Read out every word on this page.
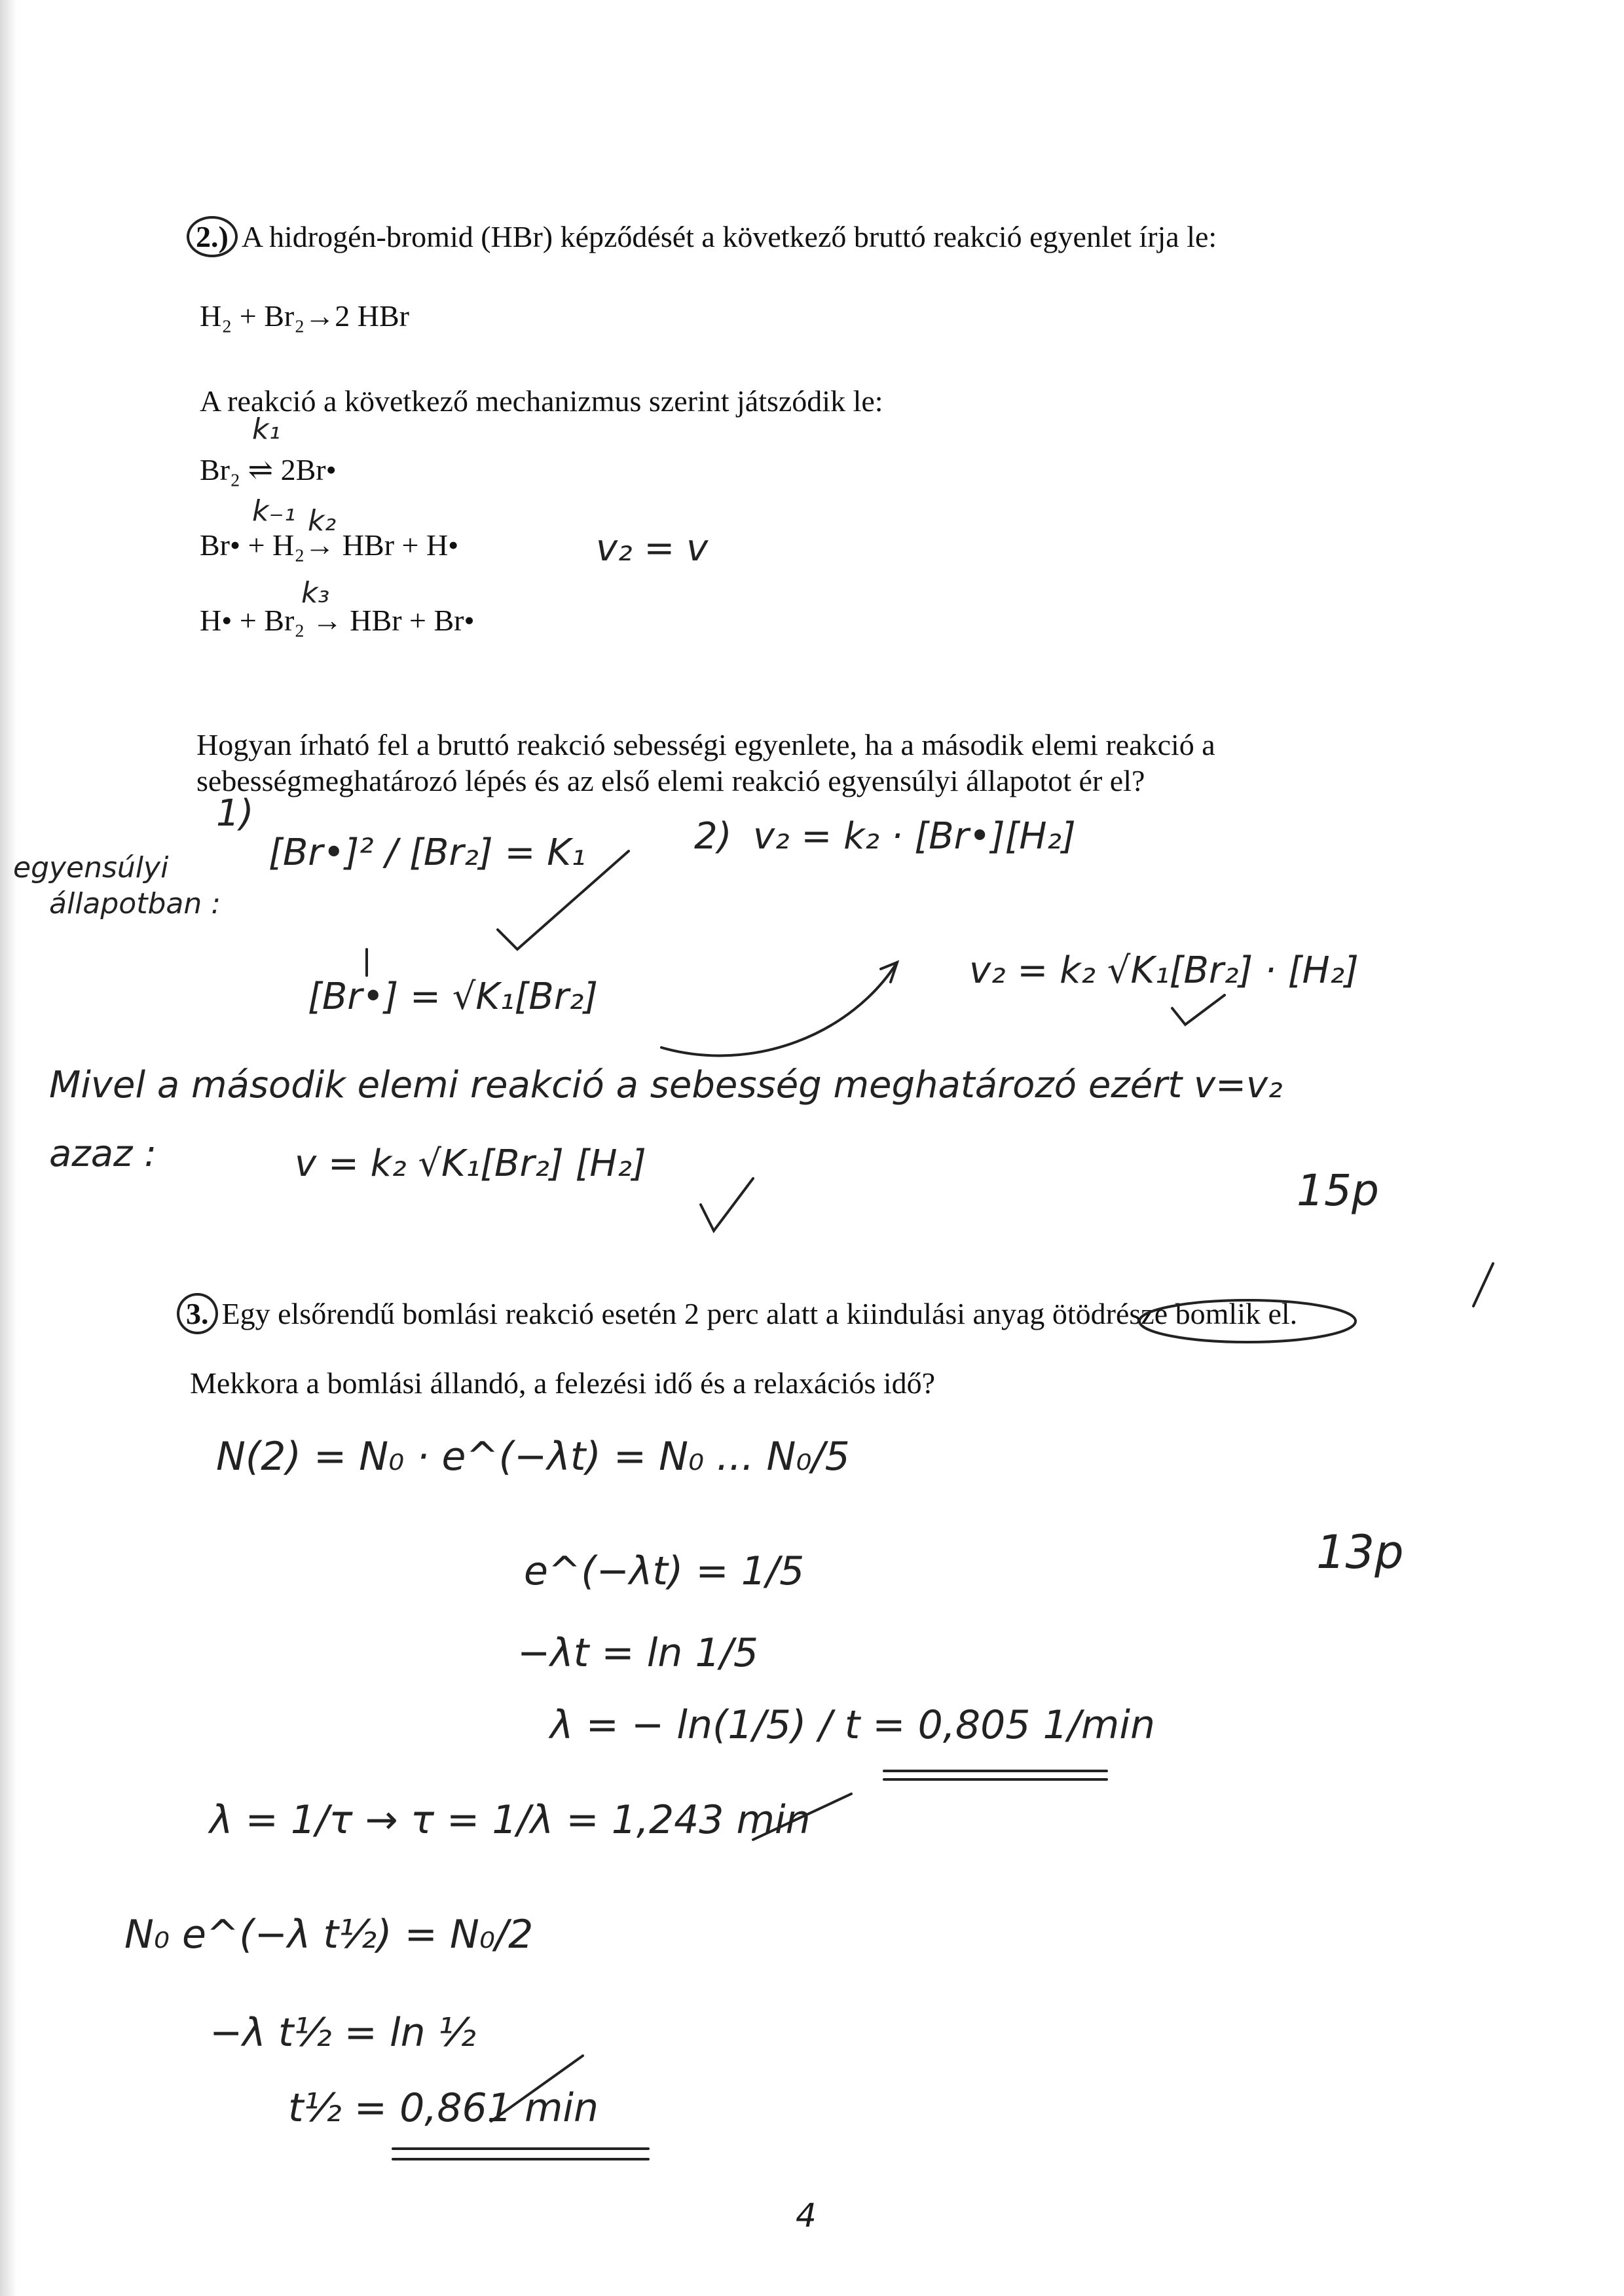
2.) A hidrogén-bromid (HBr) képződését a következő bruttó reakció egyenlet írja le:
H₂ + Br₂→2 HBr
A reakció a következő mechanizmus szerint játszódik le:
Br₂ ⇌ 2Br•
k₁
k₋₁
Br• + H₂→ HBr + H•
k₂
H• + Br₂ → HBr + Br•
k₃
Hogyan írható fel a bruttó reakció sebességi egyenlete, ha a második elemi reakció a
sebességmeghatározó lépés és az első elemi reakció egyensúlyi állapotot ér el?
v₂ = v
egyensúlyi
állapotban :
1)
[Br•]² / [Br₂] = K₁	2) v₂ = k₂ · [Br•][H₂]
[Br•] = √K₁[Br₂]
v₂ = k₂ √K₁[Br₂] · [H₂]
Mivel a második elemi reakció a sebesség meghatározó ezért v=v₂
azaz :	v = k₂ √K₁[Br₂] [H₂]
15p
3. Egy elsőrendű bomlási reakció esetén 2 perc alatt a kiindulási anyag ötödrésze bomlik el.
Mekkora a bomlási állandó, a felezési idő és a relaxációs idő?
N(2) = N₀ · e^(−λt) = N₀ ... N₀/5
e^(−λt) = 1/5
−λt = ln 1/5
λ = − ln(1/5) / t = 0,805 1/min
λ = 1/τ → τ = 1/λ = 1,243 min
N₀ e^(−λ t½) = N₀/2
−λ t½ = ln ½
t½ = 0,861 min
13p
4
